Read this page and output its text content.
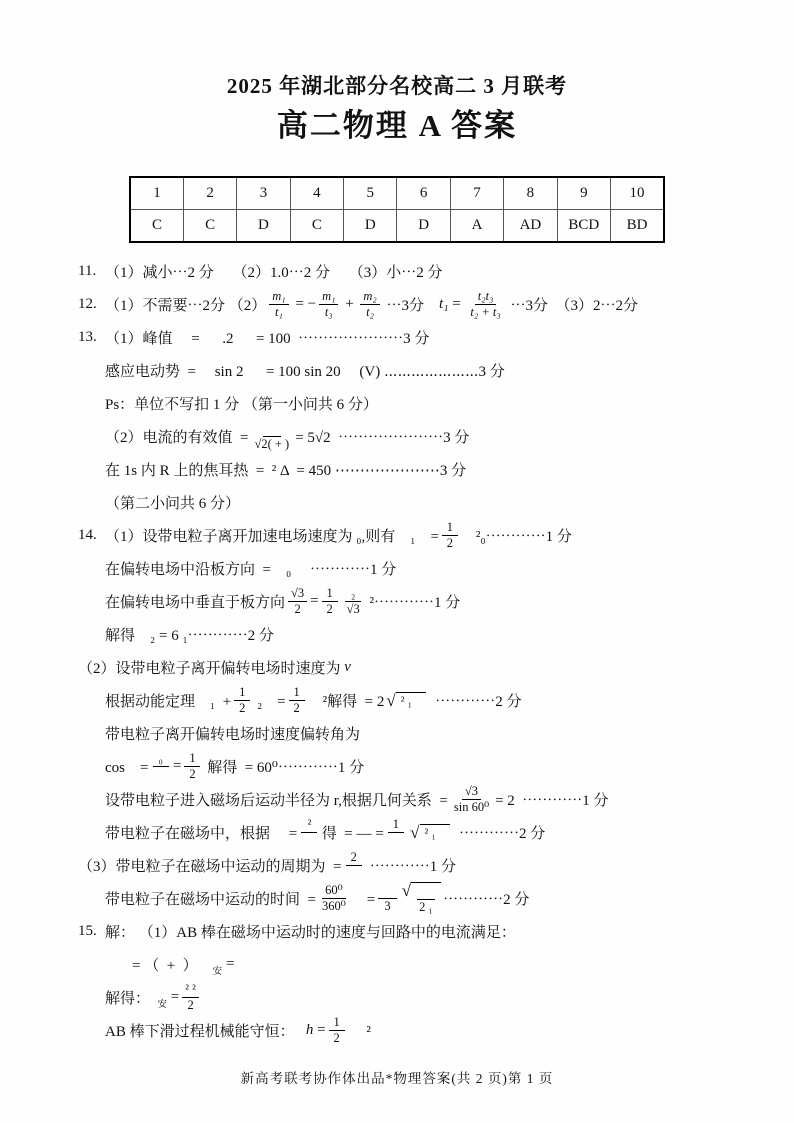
2025 年湖北部分名校高二 3 月联考
高二物理 A 答案
1	2	3	4	5	6	7	8	9	10
C	C	D	C	D	D	A	AD	BCD	BD
11. （1）减小⋯2 分　 （2）1.0⋯2 分　 （3）小⋯2 分
12. （1）不需要⋯2分 $(2) \frac{\text{m₁}}{\text{t₁}}$ = − $\frac{\text{m₁}}{\text{t₃}} + \frac{\text{m₂}}{\text{t₂}}$ ⋯3分　 $t_1 = \frac{\text{t₂t₃}}{\text{t₂ + t₃}}$ ⋯3分　（3）2⋯2分
13. （1）峰值　 =　  .2 　 = 100  ⋯⋯⋯⋯⋯⋯⋯3 分
感应电动势  =　 sin 2 　 = 100 sin 20　 (V) ⋯⋯⋯⋯⋯⋯⋯3 分
Ps：单位不写扣 1 分 （第一小问共 6 分）
（2）电流的有效值  =
　 √2( + ) = 5√2  ⋯⋯⋯⋯⋯⋯⋯3 分
在 1s 内 R 上的焦耳热  =  ² Δ  = 450 ⋯⋯⋯⋯⋯⋯⋯3 分
（第二小问共 6 分）
14. （1）设带电粒子离开加速电场速度为 ₀,则有　₁　= $\frac{1}{2}$ 　²₀⋯⋯⋯⋯1 分
在偏转电场中沿板方向  =　₀　 ⋯⋯⋯⋯1 分
在偏转电场中垂直于板方向 $\frac{√3}{2} = \frac{1}{2} \frac{\text{₂}}{√3}$ ²⋯⋯⋯⋯1 分
解得　₂ = 6 ₁⋯⋯⋯⋯2 分
（2）设带电粒子离开偏转电场时速度为 v
根据动能定理　$_1 + \frac{1}{2} _2$　= $\frac{1}{2}$ 　²解得  = 2 √ ² ₁	⋯⋯⋯⋯2 分
带电粒子离开偏转电场时速度偏转角为
cos　=
₀
　 = $\frac{1}{2}$ 解得  = 60⁰⋯⋯⋯⋯1 分
设带电粒子进入磁场后运动半径为 r,根据几何关系  = $\frac{√3}{\text{sin 60⁰}} = 2$  ⋯⋯⋯⋯1 分
带电粒子在磁场中，根据　 =
²

得  = — =
1
　 √ ² ₁	⋯⋯⋯⋯2 分
（3）带电粒子在磁场中运动的周期为  =
2

⋯⋯⋯⋯1 分
带电粒子在磁场中运动的时间  = $\frac{\text{60⁰}}{\text{360⁰}}$ 　=
　 3
√

2 ₁ ⋯⋯⋯⋯2 分
15. 解： （1）AB 棒在磁场中运动时的速度与回路中的电流满足：
= （  +  ）　 安 =
解得：　 安 = $\frac{\text{² ²}}{2}$
AB 棒下滑过程机械能守恒：　 $h = \frac{1}{2}$ 　 ²
新高考联考协作体出品*物理答案(共 2 页)第 1 页
